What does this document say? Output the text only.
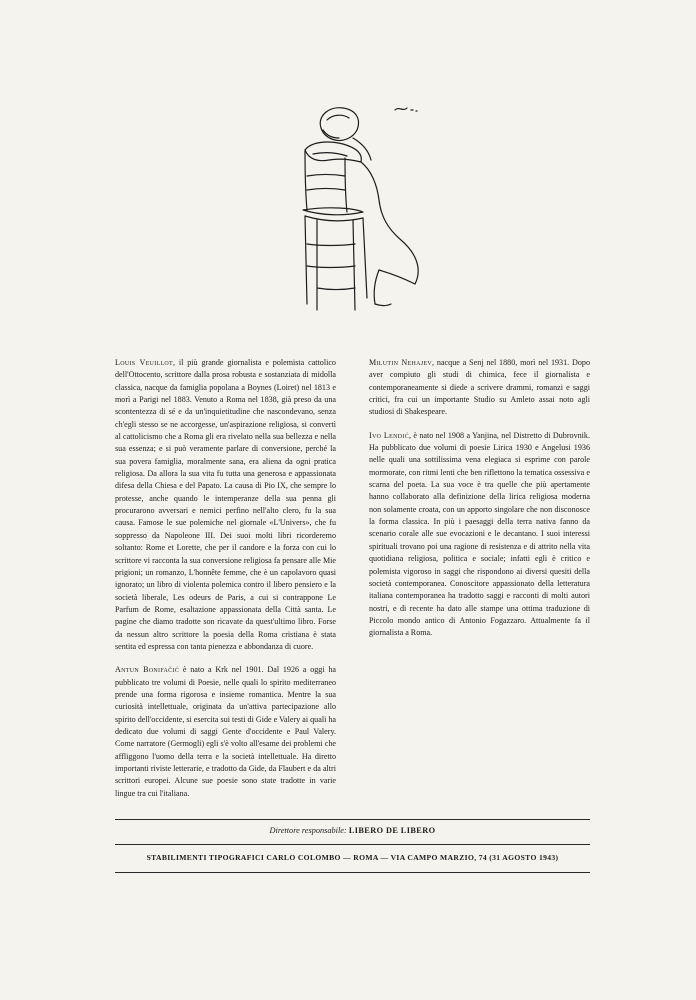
Louis Veuillot, il più grande giornalista e polemista cattolico dell'Ottocento, scrittore dalla prosa robusta e sostanziata di midolla classica, nacque da famiglia popolana a Boynes (Loiret) nel 1813 e morì a Parigi nel 1883. Venuto a Roma nel 1838, già preso da una scontentezza di sé e da un'inquietitudine che nascondevano, senza ch'egli stesso se ne accorgesse, un'aspirazione religiosa, si convertì al cattolicismo che a Roma gli era rivelato nella sua bellezza e nella sua essenza; e si può veramente parlare di conversione, perché la sua povera famiglia, moralmente sana, era aliena da ogni pratica religiosa. Da allora la sua vita fu tutta una generosa e appassionata difesa della Chiesa e del Papato. La causa di Pio IX, che sempre lo protesse, anche quando le intemperanze della sua penna gli procurarono avversari e nemici perfino nell'alto clero, fu la sua causa. Famose le sue polemiche nel giornale «L'Univers», che fu soppresso da Napoleone III. Dei suoi molti libri ricorderemo soltanto: Rome et Lorette, che per il candore e la forza con cui lo scrittore vi racconta la sua conversione religiosa fa pensare alle Mie prigioni; un romanzo, L'honnête femme, che è un capolavoro quasi ignorato; un libro di violenta polemica contro il libero pensiero e la società liberale, Les odeurs de Paris, a cui si contrappone Le Parfum de Rome, esaltazione appassionata della Città santa. Le pagine che diamo tradotte son ricavate da quest'ultimo libro. Forse da nessun altro scrittore la poesia della Roma cristiana è stata sentita ed espressa con tanta pienezza e abbondanza di cuore.

Antun Bonifačić è nato a Krk nel 1901. Dal 1926 a oggi ha pubblicato tre volumi di Poesie, nelle quali lo spirito mediterraneo prende una forma rigorosa e insieme romantica. Mentre la sua curiosità intellettuale, originata da un'attiva partecipazione allo spirito dell'occidente, si esercita sui testi di Gide e Valery ai quali ha dedicato due volumi di saggi Gente d'occidente e Paul Valery. Come narratore (Germogli) egli s'è volto all'esame dei problemi che affliggono l'uomo della terra e la società intellettuale. Ha diretto importanti riviste letterarie, e tradotto da Gide, da Flaubert e da altri scrittori europei. Alcune sue poesie sono state tradotte in varie lingue tra cui l'italiana.

Milutin Nehajev, nacque a Senj nel 1880, morì nel 1931. Dopo aver compiuto gli studi di chimica, fece il giornalista e contemporaneamente si diede a scrivere drammi, romanzi e saggi critici, fra cui un importante Studio su Amleto assai noto agli studiosi di Shakespeare.

Ivo Lendić, è nato nel 1908 a Yanjina, nel Distretto di Dubrovnik. Ha pubblicato due volumi di poesie Lirica 1930 e Angelusi 1936 nelle quali una sottilissima vena elegiaca si esprime con parole mormorate, con ritmi lenti che ben riflettono la tematica ossessiva e scarna del poeta. La sua voce è tra quelle che più apertamente hanno collaborato alla definizione della lirica religiosa moderna non solamente croata, con un apporto singolare che non disconosce la forma classica. In più i paesaggi della terra nativa fanno da scenario corale alle sue evocazioni e le decantano. I suoi interessi spirituali trovano poi una ragione di resistenza e di attrito nella vita quotidiana religiosa, politica e sociale; infatti egli è critico e polemista vigoroso in saggi che rispondono ai diversi quesiti della società contemporanea. Conoscitore appassionato della letteratura italiana contemporanea ha tradotto saggi e racconti di molti autori nostri, e di recente ha dato alle stampe una ottima traduzione di Piccolo mondo antico di Antonio Fogazzaro. Attualmente fa il giornalista a Roma.

Direttore responsabile: LIBERO DE LIBERO
STABILIMENTI TIPOGRAFICI CARLO COLOMBO — ROMA — VIA CAMPO MARZIO, 74 (31 AGOSTO 1943)
